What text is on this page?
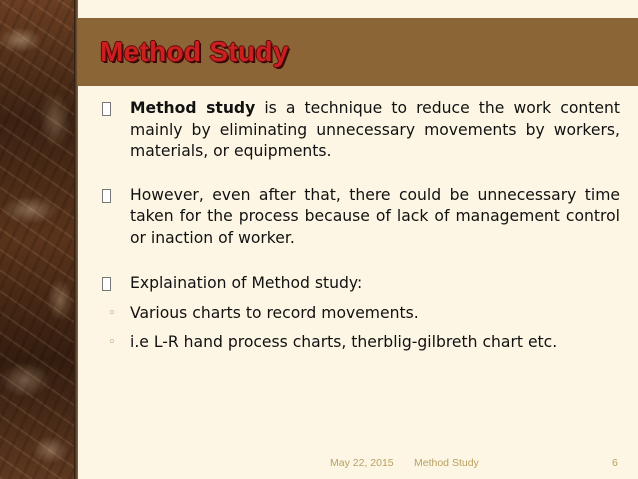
Method Study
Method study is a technique to reduce the work content mainly by eliminating unnecessary movements by workers, materials, or equipments.
However, even after that, there could be unnecessary time taken for the process because of lack of management control or inaction of worker.
Explaination of Method study:
◦ Various charts to record movements.
◦ i.e L-R hand process charts, therblig-gilbreth chart etc.
May 22, 2015 Method Study	6
